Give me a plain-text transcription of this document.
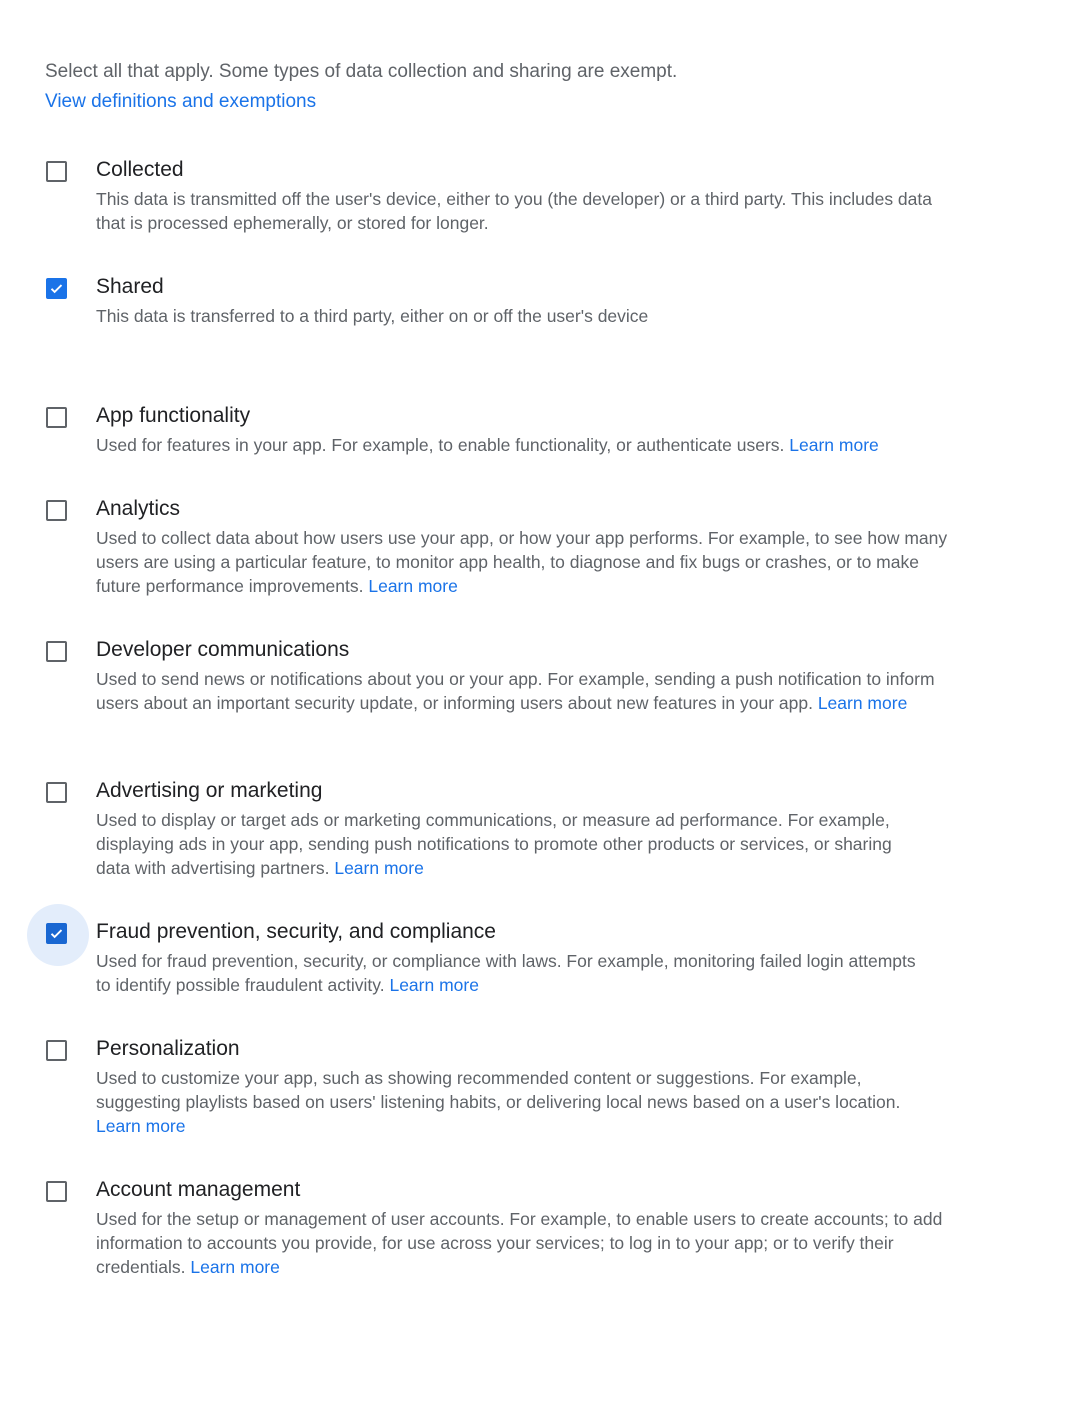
Select all that apply. Some types of data collection and sharing are exempt.

View definitions and exemptions

Collected

This data is transmitted off the user's device, either to you (the developer) or a third party. This includes data that is processed ephemerally, or stored for longer.

Shared

This data is transferred to a third party, either on or off the user's device

App functionality

Used for features in your app. For example, to enable functionality, or authenticate users. Learn more

Analytics

Used to collect data about how users use your app, or how your app performs. For example, to see how many users are using a particular feature, to monitor app health, to diagnose and fix bugs or crashes, or to make future performance improvements. Learn more

Developer communications

Used to send news or notifications about you or your app. For example, sending a push notification to inform users about an important security update, or informing users about new features in your app. Learn more

Advertising or marketing

Used to display or target ads or marketing communications, or measure ad performance. For example, displaying ads in your app, sending push notifications to promote other products or services, or sharing data with advertising partners. Learn more

Fraud prevention, security, and compliance

Used for fraud prevention, security, or compliance with laws. For example, monitoring failed login attempts to identify possible fraudulent activity. Learn more

Personalization

Used to customize your app, such as showing recommended content or suggestions. For example, suggesting playlists based on users' listening habits, or delivering local news based on a user's location. Learn more

Account management

Used for the setup or management of user accounts. For example, to enable users to create accounts; to add information to accounts you provide, for use across your services; to log in to your app; or to verify their credentials. Learn more
